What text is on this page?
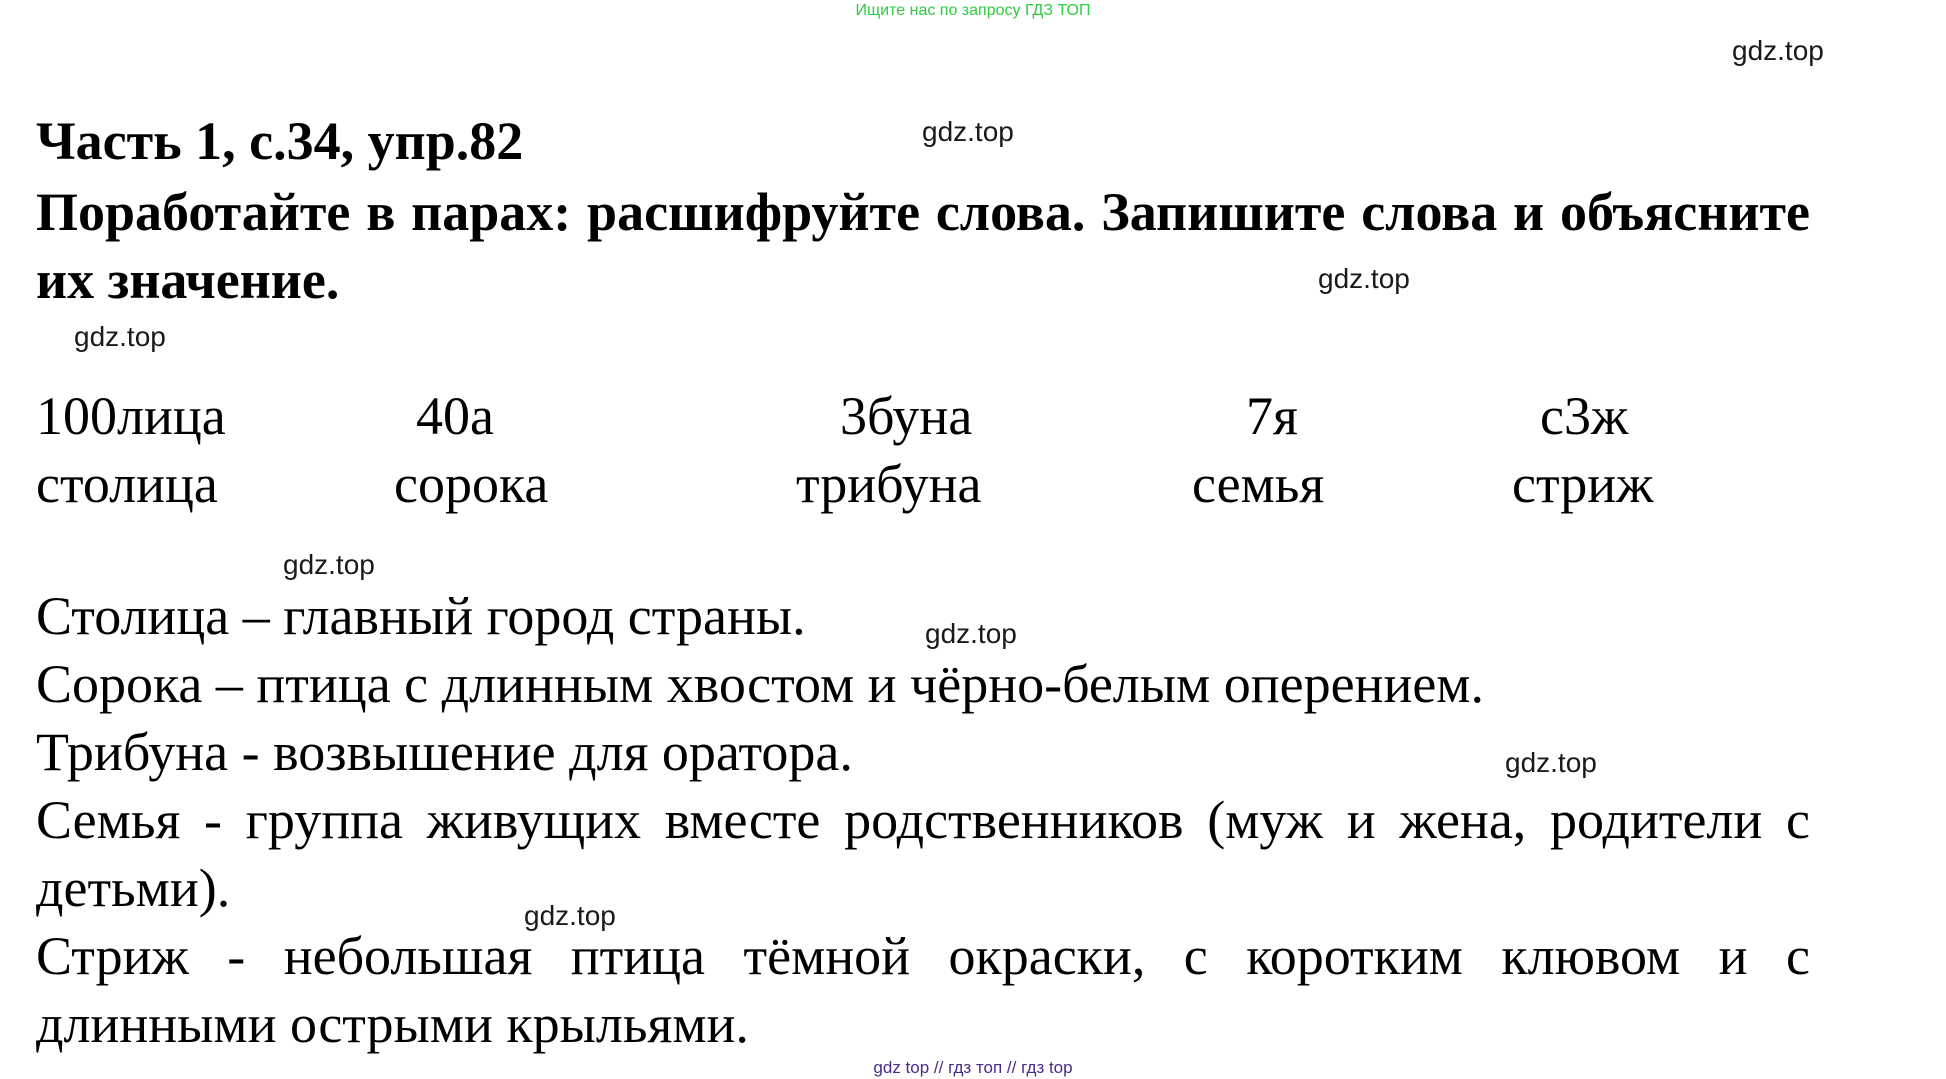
Ищите нас по запросу ГДЗ ТОП
gdz.top
gdz.top
gdz.top
gdz.top
gdz.top
gdz.top
gdz.top
gdz.top
Часть 1, с.34, упр.82
Поработайте в парах: расшифруйте слова. Запишите слова и объясните их значение.
100лица	40а	3буна	7я	с3ж
столица	сорока	трибуна	семья	стриж
Столица – главный город страны.
Сорока – птица с длинным хвостом и чёрно-белым оперением.
Трибуна - возвышение для оратора.
Семья - группа живущих вместе родственников (муж и жена, родители с детьми).
Стриж - небольшая птица тёмной окраски, с коротким клювом и с длинными острыми крыльями.
gdz top // гдз топ // гдз top
